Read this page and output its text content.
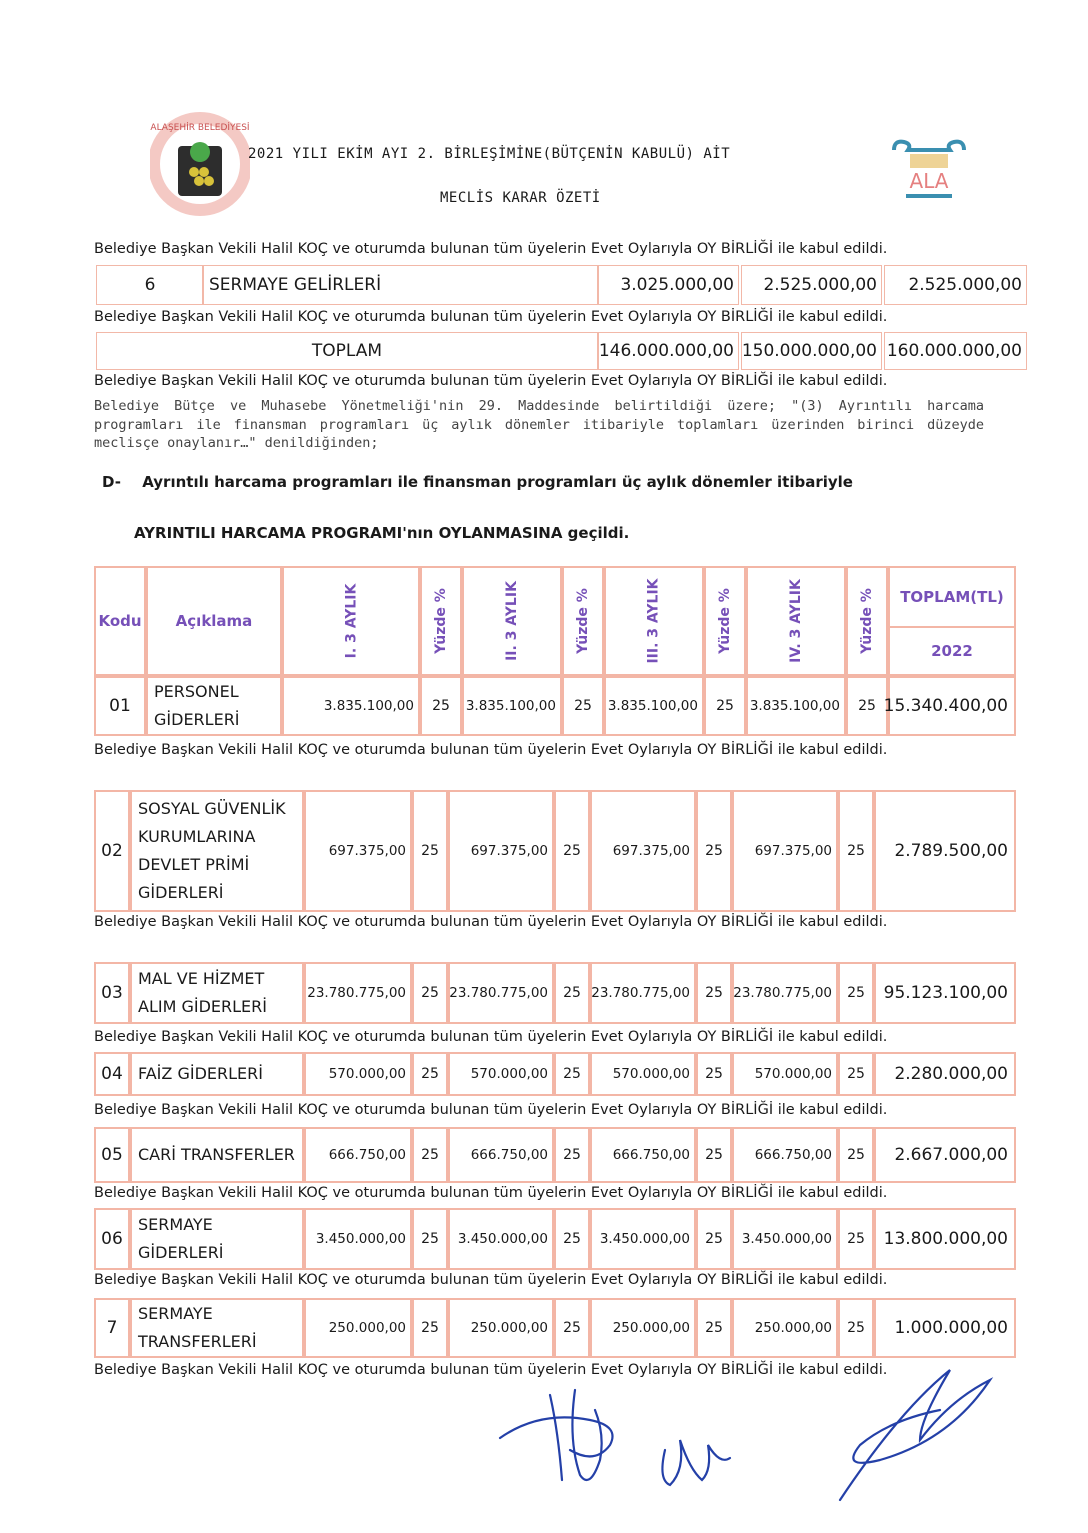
ALAŞEHİR BELEDİYESİ
ALA
2021 YILI EKİM AYI 2. BİRLEŞİMİNE(BÜTÇENİN KABULÜ) AİT
MECLİS KARAR ÖZETİ
Belediye Başkan Vekili Halil KOÇ ve oturumda bulunan tüm üyelerin Evet Oylarıyla OY BİRLİĞİ ile kabul edildi.
6	SERMAYE GELİRLERİ	3.025.000,00	2.525.000,00	2.525.000,00
Belediye Başkan Vekili Halil KOÇ ve oturumda bulunan tüm üyelerin Evet Oylarıyla OY BİRLİĞİ ile kabul edildi.
TOPLAM	146.000.000,00 150.000.000,00 160.000.000,00
Belediye Başkan Vekili Halil KOÇ ve oturumda bulunan tüm üyelerin Evet Oylarıyla OY BİRLİĞİ ile kabul edildi.
Belediye Bütçe ve Muhasebe Yönetmeliği'nin 29. Maddesinde belirtildiği üzere; "(3) Ayrıntılı harcama programları ile finansman programları üç aylık dönemler itibariyle toplamları üzerinden birinci düzeyde meclisçe onaylanır…" denildiğinden;
D- Ayrıntılı harcama programları ile finansman programları üç aylık dönemler itibariyle
AYRINTILI HARCAMA PROGRAMI'nın OYLANMASINA geçildi.
Kodu	Açıklama	I. 3 AYLIK	Yüzde %	II. 3 AYLIK	Yüzde %	III. 3 AYLIK	Yüzde %	IV. 3 AYLIK	Yüzde %	TOPLAM(TL)
2022
01
PERSONEL
GİDERLERİ
3.835.100,00	25	3.835.100,00	25	3.835.100,00	25	3.835.100,00	25 15.340.400,00
Belediye Başkan Vekili Halil KOÇ ve oturumda bulunan tüm üyelerin Evet Oylarıyla OY BİRLİĞİ ile kabul edildi.
02
SOSYAL GÜVENLİK
KURUMLARINA
DEVLET PRİMİ
GİDERLERİ
697.375,00	25	697.375,00	25	697.375,00	25	697.375,00	25	2.789.500,00
Belediye Başkan Vekili Halil KOÇ ve oturumda bulunan tüm üyelerin Evet Oylarıyla OY BİRLİĞİ ile kabul edildi.
03
MAL VE HİZMET
ALIM GİDERLERİ
23.780.775,00	25 23.780.775,00	25 23.780.775,00	25 23.780.775,00	25	95.123.100,00
Belediye Başkan Vekili Halil KOÇ ve oturumda bulunan tüm üyelerin Evet Oylarıyla OY BİRLİĞİ ile kabul edildi.
04 FAİZ GİDERLERİ	570.000,00	25	570.000,00	25	570.000,00	25	570.000,00	25	2.280.000,00
Belediye Başkan Vekili Halil KOÇ ve oturumda bulunan tüm üyelerin Evet Oylarıyla OY BİRLİĞİ ile kabul edildi.
05 CARİ TRANSFERLER	666.750,00	25	666.750,00	25	666.750,00	25	666.750,00	25	2.667.000,00
Belediye Başkan Vekili Halil KOÇ ve oturumda bulunan tüm üyelerin Evet Oylarıyla OY BİRLİĞİ ile kabul edildi.
06
SERMAYE
GİDERLERİ
3.450.000,00	25	3.450.000,00	25	3.450.000,00	25	3.450.000,00	25	13.800.000,00
Belediye Başkan Vekili Halil KOÇ ve oturumda bulunan tüm üyelerin Evet Oylarıyla OY BİRLİĞİ ile kabul edildi.
7
SERMAYE
TRANSFERLERİ
250.000,00	25	250.000,00	25	250.000,00	25	250.000,00	25	1.000.000,00
Belediye Başkan Vekili Halil KOÇ ve oturumda bulunan tüm üyelerin Evet Oylarıyla OY BİRLİĞİ ile kabul edildi.
